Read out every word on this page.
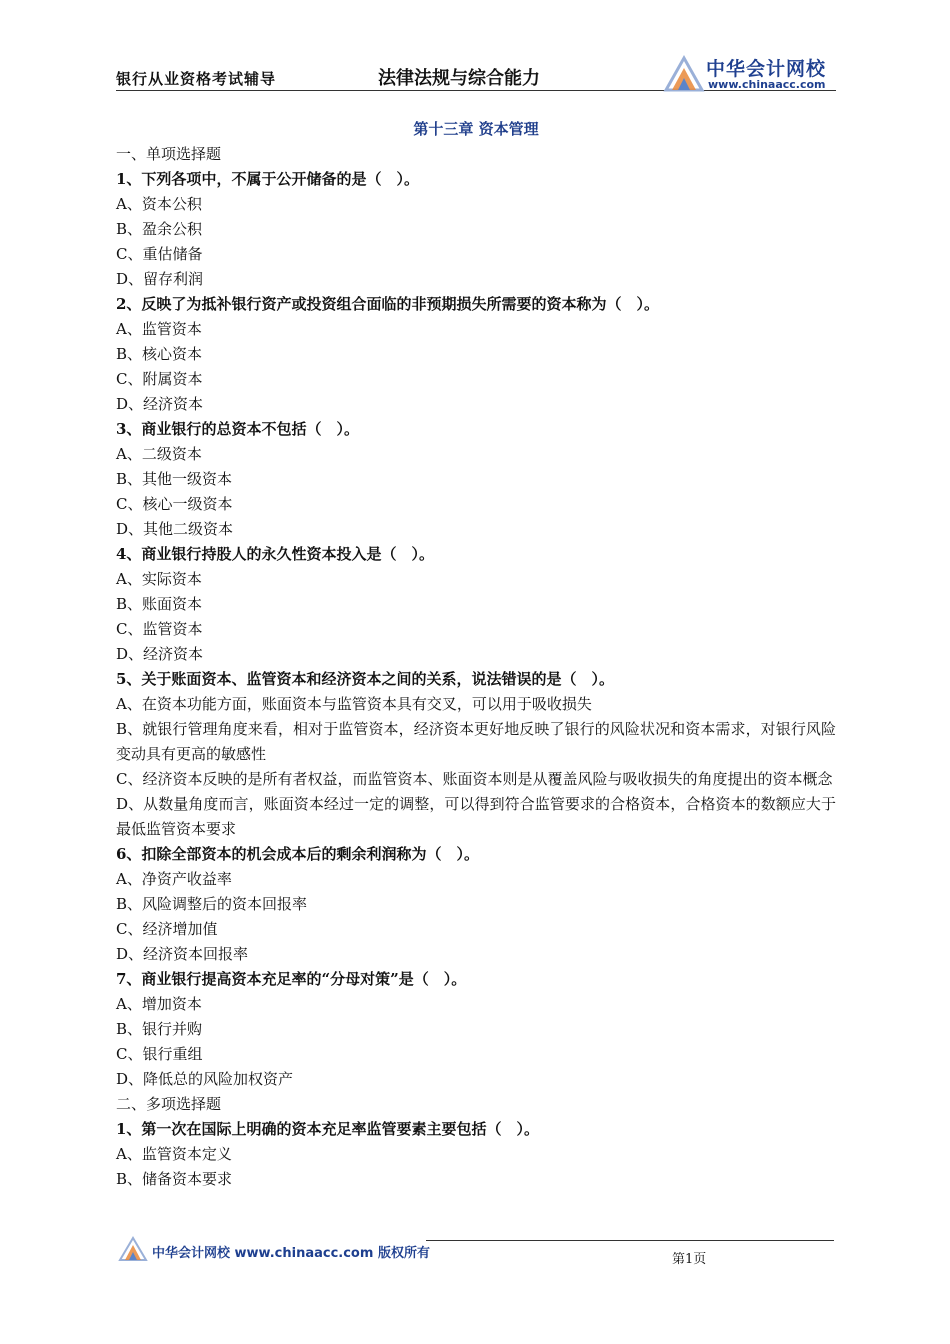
银行从业资格考试辅导	法律法规与综合能力	中华会计网校
www.chinaacc.com
第十三章 资本管理
一、单项选择题
1、下列各项中，不属于公开储备的是（　）。
A、资本公积
B、盈余公积
C、重估储备
D、留存利润
2、反映了为抵补银行资产或投资组合面临的非预期损失所需要的资本称为（　）。
A、监管资本
B、核心资本
C、附属资本
D、经济资本
3、商业银行的总资本不包括（　）。
A、二级资本
B、其他一级资本
C、核心一级资本
D、其他二级资本
4、商业银行持股人的永久性资本投入是（　）。
A、实际资本
B、账面资本
C、监管资本
D、经济资本
5、关于账面资本、监管资本和经济资本之间的关系，说法错误的是（　）。
A、在资本功能方面，账面资本与监管资本具有交叉，可以用于吸收损失
B、就银行管理角度来看，相对于监管资本，经济资本更好地反映了银行的风险状况和资本需求，对银行风险变动具有更高的敏感性
C、经济资本反映的是所有者权益，而监管资本、账面资本则是从覆盖风险与吸收损失的角度提出的资本概念
D、从数量角度而言，账面资本经过一定的调整，可以得到符合监管要求的合格资本，合格资本的数额应大于最低监管资本要求
6、扣除全部资本的机会成本后的剩余利润称为（　）。
A、净资产收益率
B、风险调整后的资本回报率
C、经济增加值
D、经济资本回报率
7、商业银行提高资本充足率的“分母对策”是（　）。
A、增加资本
B、银行并购
C、银行重组
D、降低总的风险加权资产
二、多项选择题
1、第一次在国际上明确的资本充足率监管要素主要包括（　）。
A、监管资本定义
B、储备资本要求
中华会计网校 www.chinaacc.com 版权所有	第1页
